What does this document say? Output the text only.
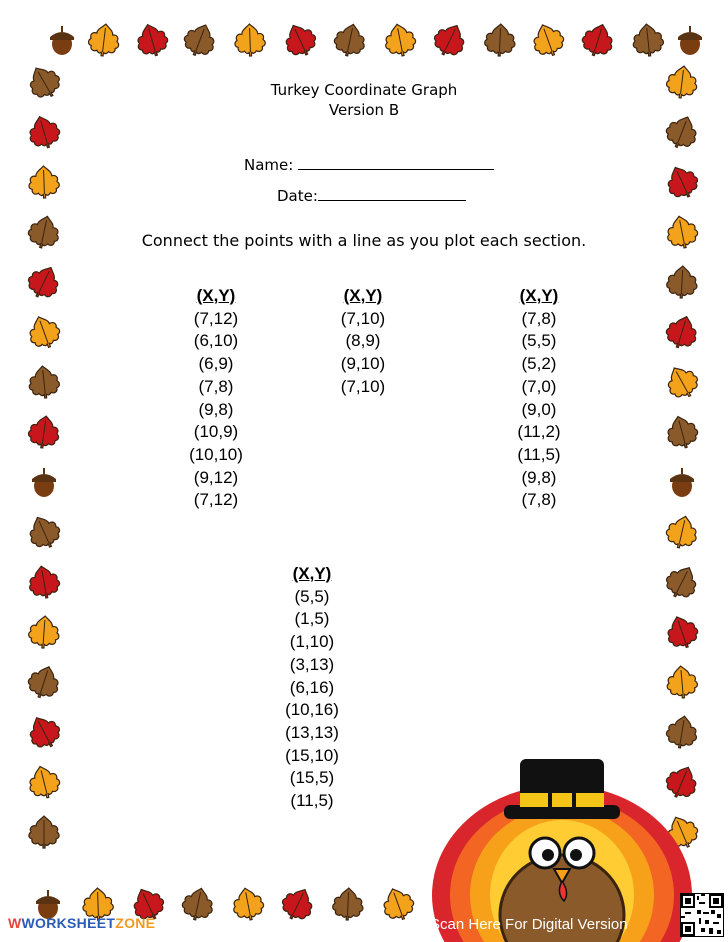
Turkey Coordinate Graph
Version B
Name:
Date:
Connect the points with a line as you plot each section.
(X,Y)
(7,12)
(6,10)
(6,9)
(7,8)
(9,8)
(10,9)
(10,10)
(9,12)
(7,12)
(X,Y)
(7,10)
(8,9)
(9,10)
(7,10)
(X,Y)
(7,8)
(5,5)
(5,2)
(7,0)
(9,0)
(11,2)
(11,5)
(9,8)
(7,8)
(X,Y)
(5,5)
(1,5)
(1,10)
(3,13)
(6,16)
(10,16)
(13,13)
(15,10)
(15,5)
(11,5)
WWORKSHEETZONE	Scan Here For Digital Version
